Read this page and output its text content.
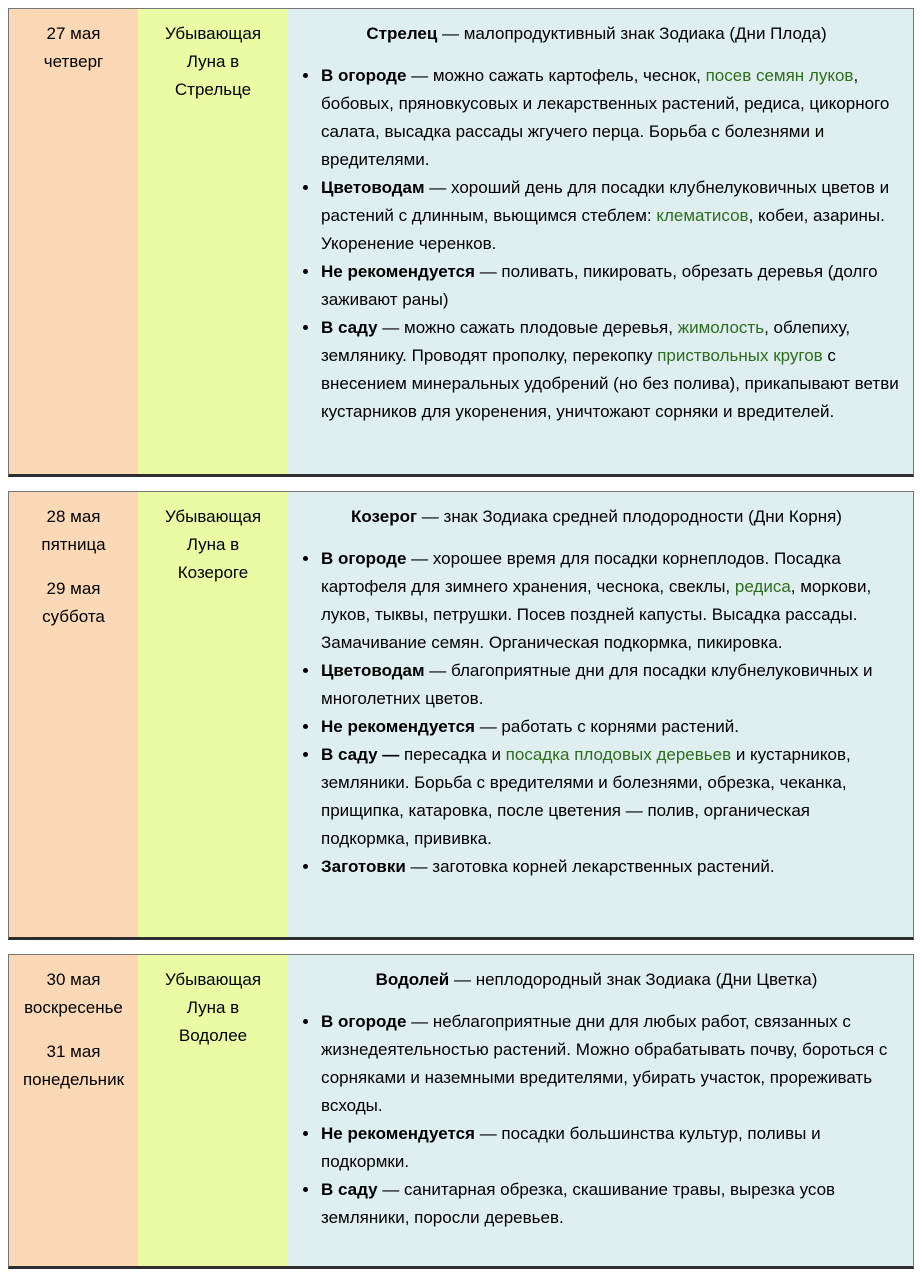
27 мая четверг

Убывающая Луна в Стрельце

Стрелец — малопродуктивный знак Зодиака (Дни Плода)

• В огороде — можно сажать картофель, чеснок, посев семян луков, бобовых, пряновкусовых и лекарственных растений, редиса, цикорного салата, высадка рассады жгучего перца. Борьба с болезнями и вредителями.
• Цветоводам — хороший день для посадки клубнелуковичных цветов и растений с длинным, вьющимся стеблем: клематисов, кобеи, азарины. Укоренение черенков.
• Не рекомендуется — поливать, пикировать, обрезать деревья (долго заживают раны)
• В саду — можно сажать плодовые деревья, жимолость, облепиху, землянику. Проводят прополку, перекопку приствольных кругов с внесением минеральных удобрений (но без полива), прикапывают ветви кустарников для укоренения, уничтожают сорняки и вредителей.

28 мая пятница

29 мая суббота

Убывающая Луна в Козероге

Козерог — знак Зодиака средней плодородности (Дни Корня)

• В огороде — хорошее время для посадки корнеплодов. Посадка картофеля для зимнего хранения, чеснока, свеклы, редиса, моркови, луков, тыквы, петрушки. Посев поздней капусты. Высадка рассады. Замачивание семян. Органическая подкормка, пикировка.
• Цветоводам — благоприятные дни для посадки клубнелуковичных и многолетних цветов.
• Не рекомендуется — работать с корнями растений.
• В саду — пересадка и посадка плодовых деревьев и кустарников, земляники. Борьба с вредителями и болезнями, обрезка, чеканка, прищипка, катаровка, после цветения — полив, органическая подкормка, прививка.
• Заготовки — заготовка корней лекарственных растений.

30 мая воскресенье

31 мая понедельник

Убывающая Луна в Водолее

Водолей — неплодородный знак Зодиака (Дни Цветка)

• В огороде — неблагоприятные дни для любых работ, связанных с жизнедеятельностью растений. Можно обрабатывать почву, бороться с сорняками и наземными вредителями, убирать участок, прореживать всходы.
• Не рекомендуется — посадки большинства культур, поливы и подкормки.
• В саду — санитарная обрезка, скашивание травы, вырезка усов земляники, поросли деревьев.
